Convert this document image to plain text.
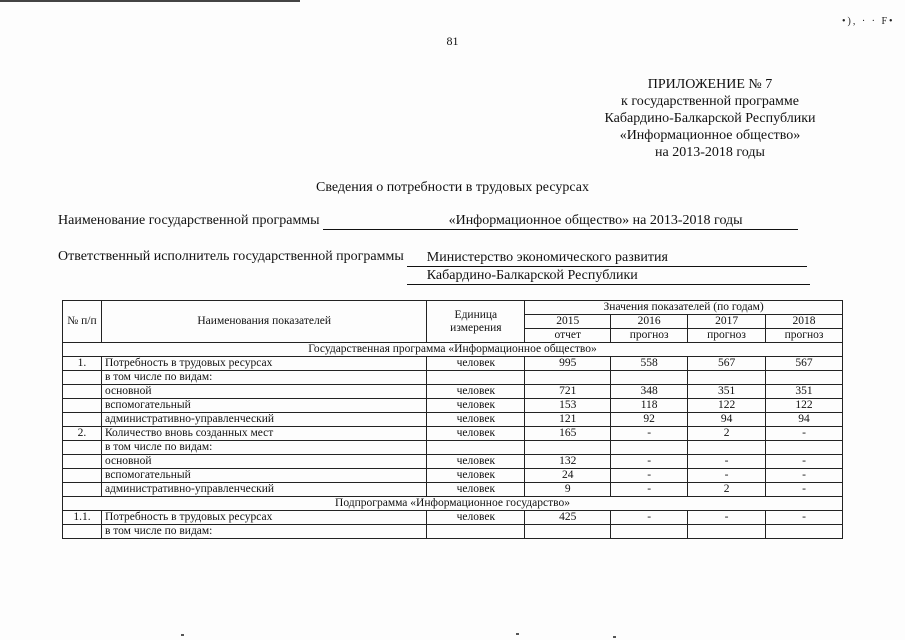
•), · · F•
81
ПРИЛОЖЕНИЕ № 7
к государственной программе
Кабардино-Балкарской Республики
«Информационное общество»
на 2013-2018 годы
Сведения о потребности в трудовых ресурсах
Наименование государственной программы	«Информационное общество» на 2013-2018 годы
Ответственный исполнитель государственной программы	Министерство экономического развития
Кабардино-Балкарской Республики
№ п/п	Наименования показателей	Единица измерения	Значения показателей (по годам)			
			2015	2016	2017	2018
			отчет	прогноз	прогноз	прогноз
Государственная программа «Информационное общество»						
1.	Потребность в трудовых ресурсах	человек	995	558	567	567
	в том числе по видам:					
	основной	человек	721	348	351	351
	вспомогательный	человек	153	118	122	122
	административно-управленческий	человек	121	92	94	94
2.	Количество вновь созданных мест	человек	165	-	2	-
	в том числе по видам:					
	основной	человек	132	-	-	-
	вспомогательный	человек	24	-	-	-
	административно-управленческий	человек	9	-	2	-
Подпрограмма «Информационное государство»						
1.1.	Потребность в трудовых ресурсах	человек	425	-	-	-
	в том числе по видам:					
